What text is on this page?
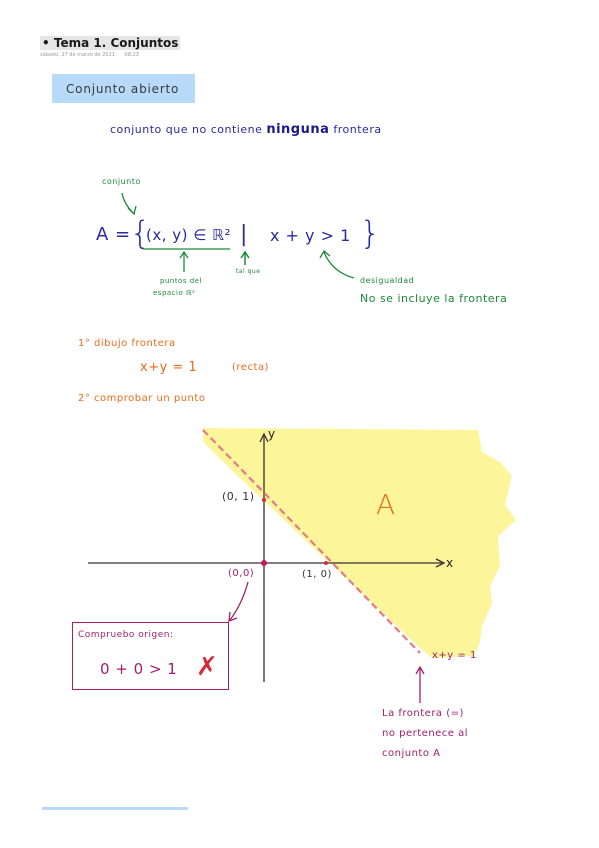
• Tema 1. Conjuntos
sábado, 27 de marzo de 2021 08:23
Conjunto abierto
conjunto que no contiene ninguna frontera
conjunto
puntos del
espacio ℝ²
tal que
desigualdad
No se incluye la frontera
A = {
(x, y) ∈ ℝ² | x + y > 1 }
1° dibujo frontera
x+y = 1	(recta)
2° comprobar un punto
y
x
A
(0, 1)
(0,0)	(1, 0)
x+y = 1
Compruebo origen:
0 + 0 > 1 ✗
La frontera (=)
no pertenece al
conjunto A
